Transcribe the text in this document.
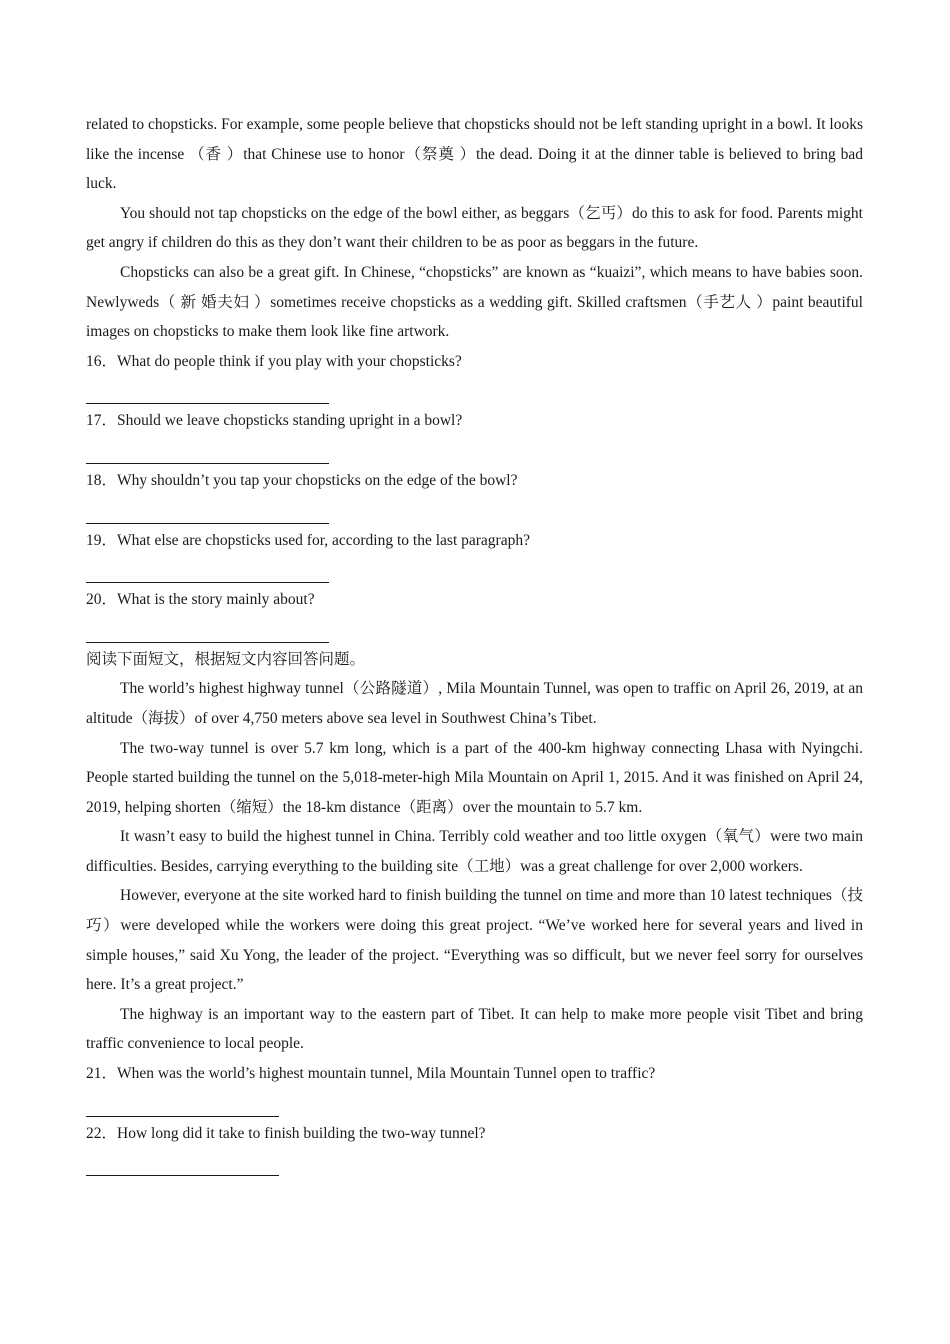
related to chopsticks. For example, some people believe that chopsticks should not be left standing upright in a bowl. It looks like the incense （香 ）that Chinese use to honor（祭奠 ）the dead. Doing it at the dinner table is believed to bring bad luck.

You should not tap chopsticks on the edge of the bowl either, as beggars（乞丐）do this to ask for food. Parents might get angry if children do this as they don’t want their children to be as poor as beggars in the future.

Chopsticks can also be a great gift. In Chinese, “chopsticks” are known as “kuaizi”, which means to have babies soon. Newlyweds（ 新 婚夫妇 ）sometimes receive chopsticks as a wedding gift. Skilled craftsmen（手艺人 ）paint beautiful images on chopsticks to make them look like fine artwork.

16．What do people think if you play with your chopsticks?
17．Should we leave chopsticks standing upright in a bowl?
18．Why shouldn’t you tap your chopsticks on the edge of the bowl?
19．What else are chopsticks used for, according to the last paragraph?
20．What is the story mainly about?
阅读下面短文，根据短文内容回答问题。

The world’s highest highway tunnel（公路隧道）, Mila Mountain Tunnel, was open to traffic on April 26, 2019, at an altitude（海拔）of over 4,750 meters above sea level in Southwest China’s Tibet.

The two-way tunnel is over 5.7 km long, which is a part of the 400-km highway connecting Lhasa with Nyingchi. People started building the tunnel on the 5,018-meter-high Mila Mountain on April 1, 2015. And it was finished on April 24, 2019, helping shorten（缩短）the 18-km distance（距离）over the mountain to 5.7 km.

It wasn’t easy to build the highest tunnel in China. Terribly cold weather and too little oxygen（氧气）were two main difficulties. Besides, carrying everything to the building site（工地）was a great challenge for over 2,000 workers.

However, everyone at the site worked hard to finish building the tunnel on time and more than 10 latest techniques（技巧）were developed while the workers were doing this great project. “We’ve worked here for several years and lived in simple houses,” said Xu Yong, the leader of the project. “Everything was so difficult, but we never feel sorry for ourselves here. It’s a great project.”

The highway is an important way to the eastern part of Tibet. It can help to make more people visit Tibet and bring traffic convenience to local people.

21．When was the world’s highest mountain tunnel, Mila Mountain Tunnel open to traffic?
22．How long did it take to finish building the two-way tunnel?
